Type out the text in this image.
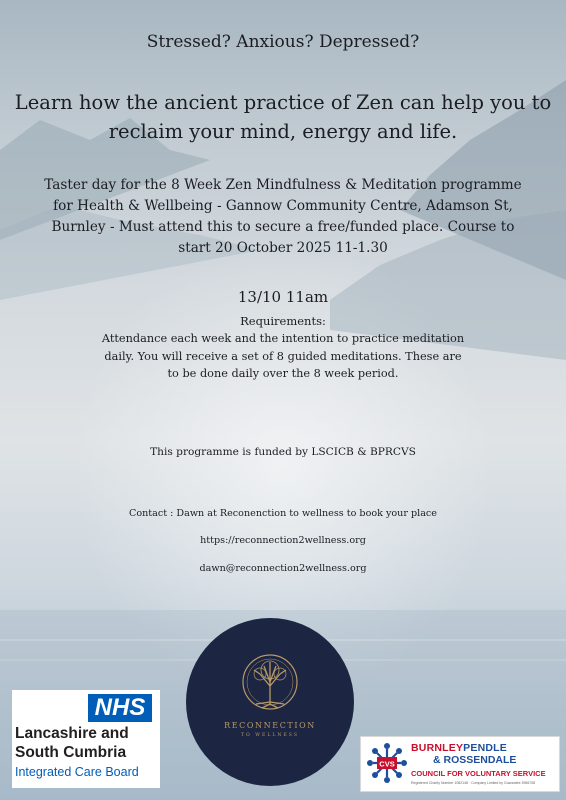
Stressed? Anxious? Depressed?
Learn how the ancient practice of Zen can help you to reclaim your mind, energy and life.
Taster day for the 8 Week Zen Mindfulness & Meditation programme for Health & Wellbeing - Gannow Community Centre, Adamson St, Burnley - Must attend this to secure a free/funded place. Course to start 20 October 2025 11-1.30
13/10 11am
Requirements:
Attendance each week and the intention to practice meditation daily. You will receive a set of 8 guided meditations. These are to be done daily over the 8 week period.
This programme is funded by LSCICB & BPRCVS
Contact : Dawn at Reconenction to wellness to book your place
https://reconnection2wellness.org
dawn@reconnection2wellness.org
RECONNECTION
TO WELLNESS
NHS
Lancashire and
South Cumbria
Integrated Care Board
CVS
BURNLEYPENDLE
& ROSSENDALE
COUNCIL FOR VOLUNTARY SERVICE
Registered Charity Number 1082148 · Company Limited by Guarantee 3956708
